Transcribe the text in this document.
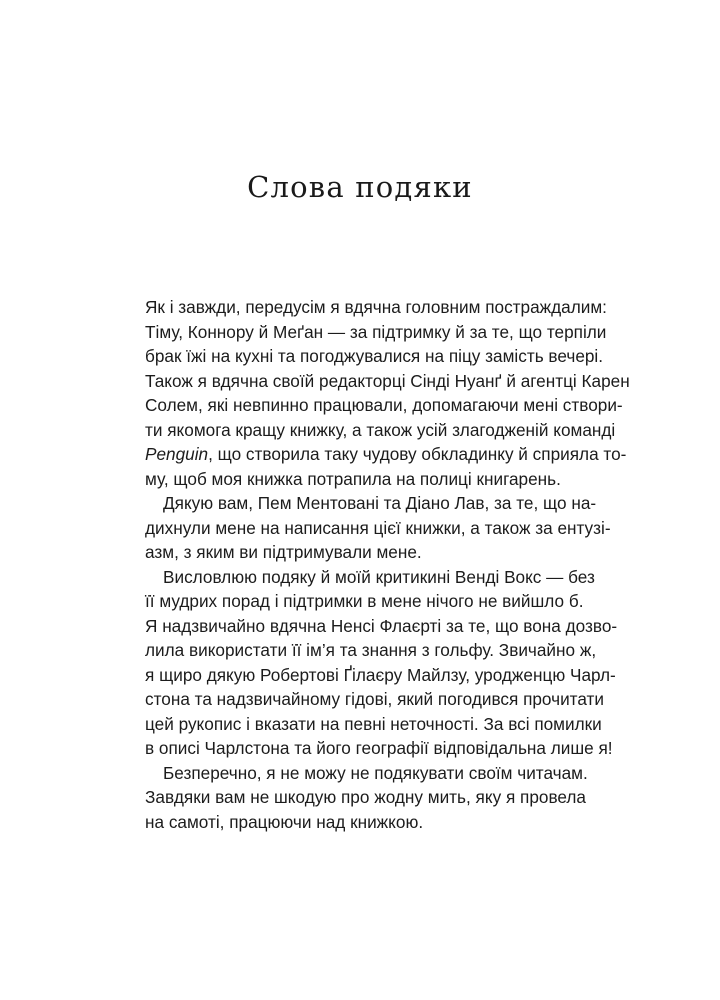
Слова подяки
Як і завжди, передусім я вдячна головним постраждалим:
Тіму, Коннору й Меґан — за підтримку й за те, що терпіли
брак їжі на кухні та погоджувалися на піцу замість вечері.
Також я вдячна своїй редакторці Сінді Нуанґ й агентці Карен
Солем, які невпинно працювали, допомагаючи мені створи-
ти якомога кращу книжку, а також усій злагодженій команді
Penguin, що створила таку чудову обкладинку й сприяла то-
му, щоб моя книжка потрапила на полиці книгарень.
Дякую вам, Пем Ментовані та Діано Лав, за те, що на-
дихнули мене на написання цієї книжки, а також за ентузі-
азм, з яким ви підтримували мене.
Висловлюю подяку й моїй критикині Венді Вокс — без
її мудрих порад і підтримки в мене нічого не вийшло б.
Я надзвичайно вдячна Ненсі Флаєрті за те, що вона дозво-
лила використати її ім’я та знання з гольфу. Звичайно ж,
я щиро дякую Робертові Ґілаєру Майлзу, уродженцю Чарл-
стона та надзвичайному гідові, який погодився прочитати
цей рукопис і вказати на певні неточності. За всі помилки
в описі Чарлстона та його географії відповідальна лише я!
Безперечно, я не можу не подякувати своїм читачам.
Завдяки вам не шкодую про жодну мить, яку я провела
на самоті, працюючи над книжкою.
